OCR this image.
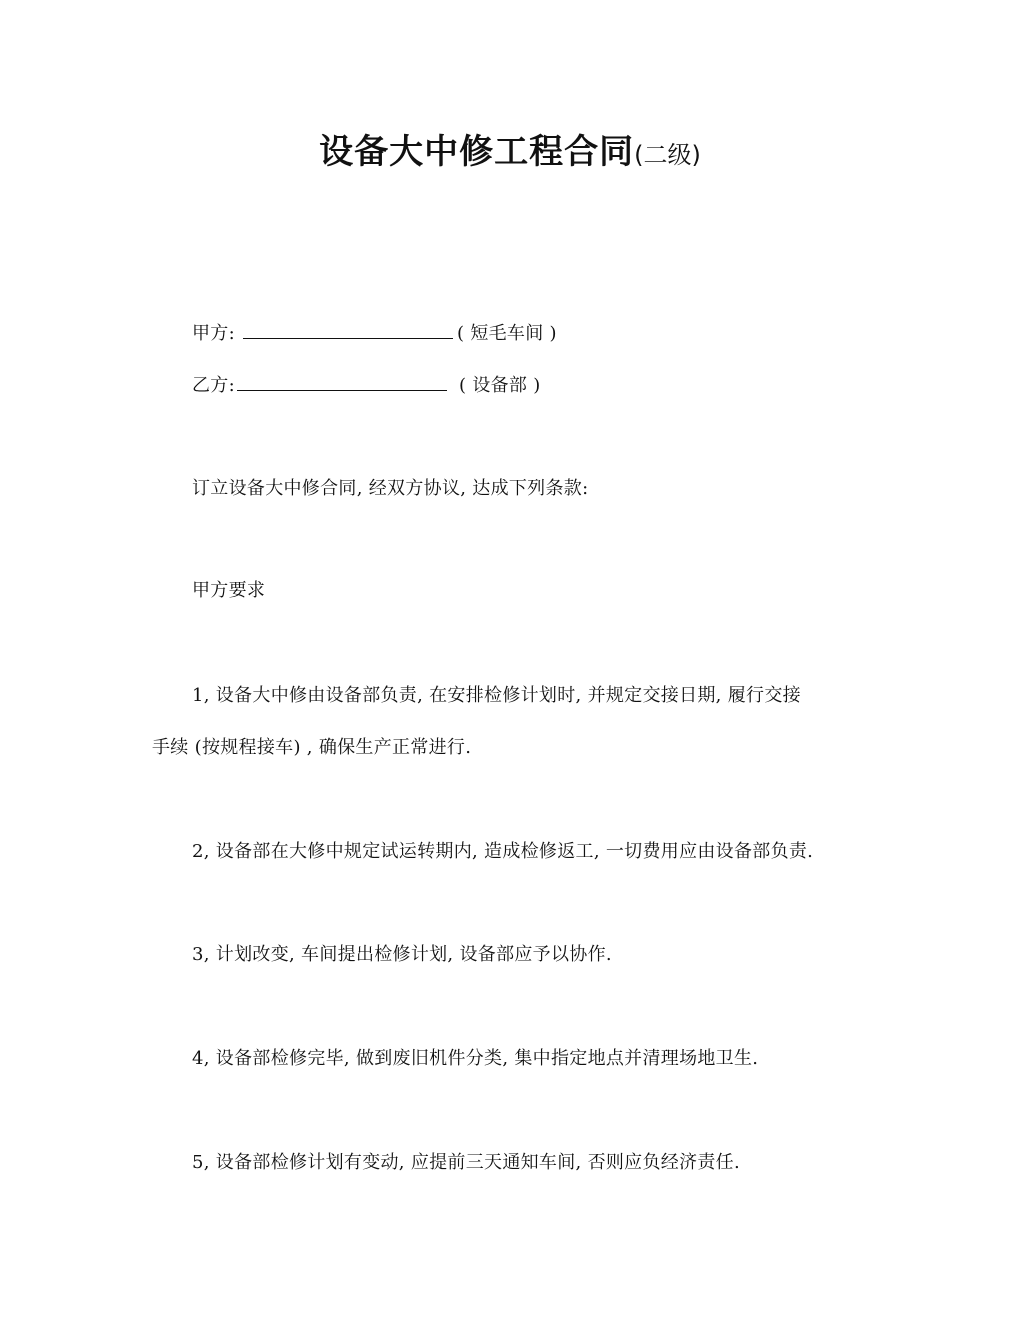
设备大中修工程合同(二级)
甲方:	( 短毛车间 )
乙方:	( 设备部 )
订立设备大中修合同, 经双方协议, 达成下列条款:
甲方要求
1, 设备大中修由设备部负责, 在安排检修计划时, 并规定交接日期, 履行交接
手续 (按规程接车) , 确保生产正常进行.
2, 设备部在大修中规定试运转期内, 造成检修返工, 一切费用应由设备部负责.
3, 计划改变, 车间提出检修计划, 设备部应予以协作.
4, 设备部检修完毕, 做到废旧机件分类, 集中指定地点并清理场地卫生.
5, 设备部检修计划有变动, 应提前三天通知车间, 否则应负经济责任.
